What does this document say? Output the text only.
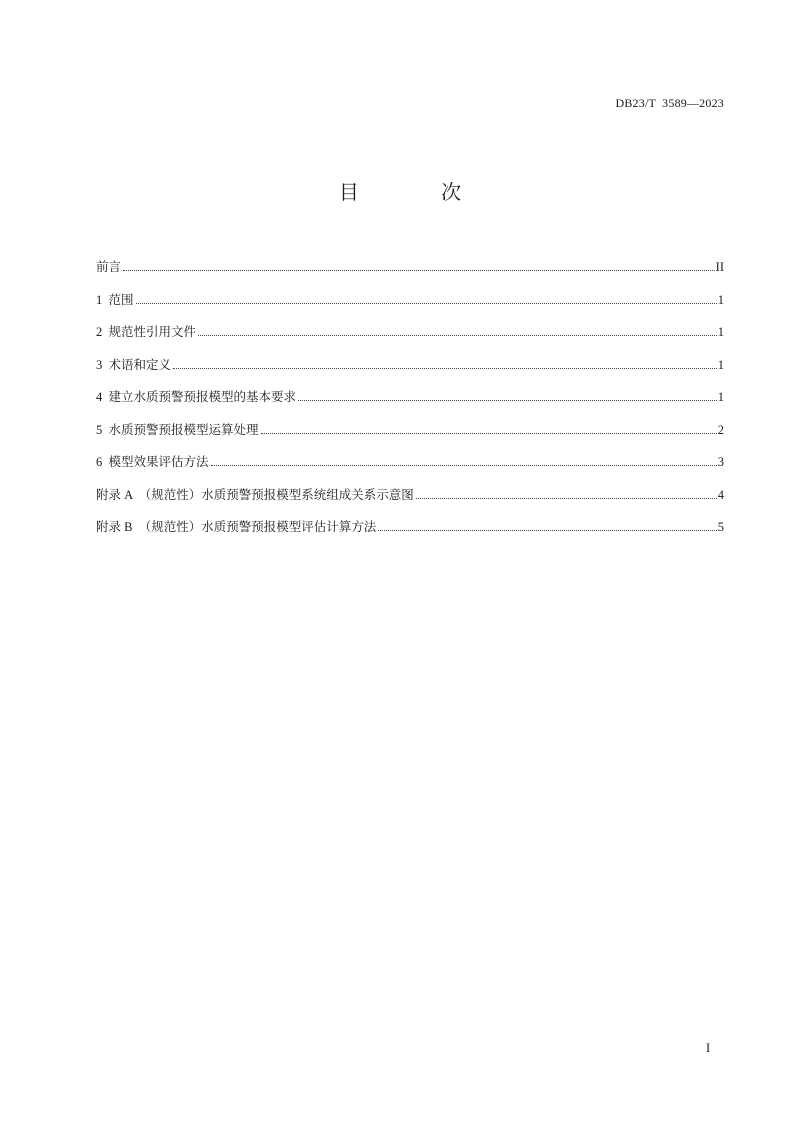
DB23/T  3589—2023
目 次
前言	II
1  范围	1
2  规范性引用文件	1
3  术语和定义	1
4  建立水质预警预报模型的基本要求	1
5  水质预警预报模型运算处理	2
6  模型效果评估方法	3
附录 A  （规范性）水质预警预报模型系统组成关系示意图	4
附录 B  （规范性）水质预警预报模型评估计算方法	5
I
